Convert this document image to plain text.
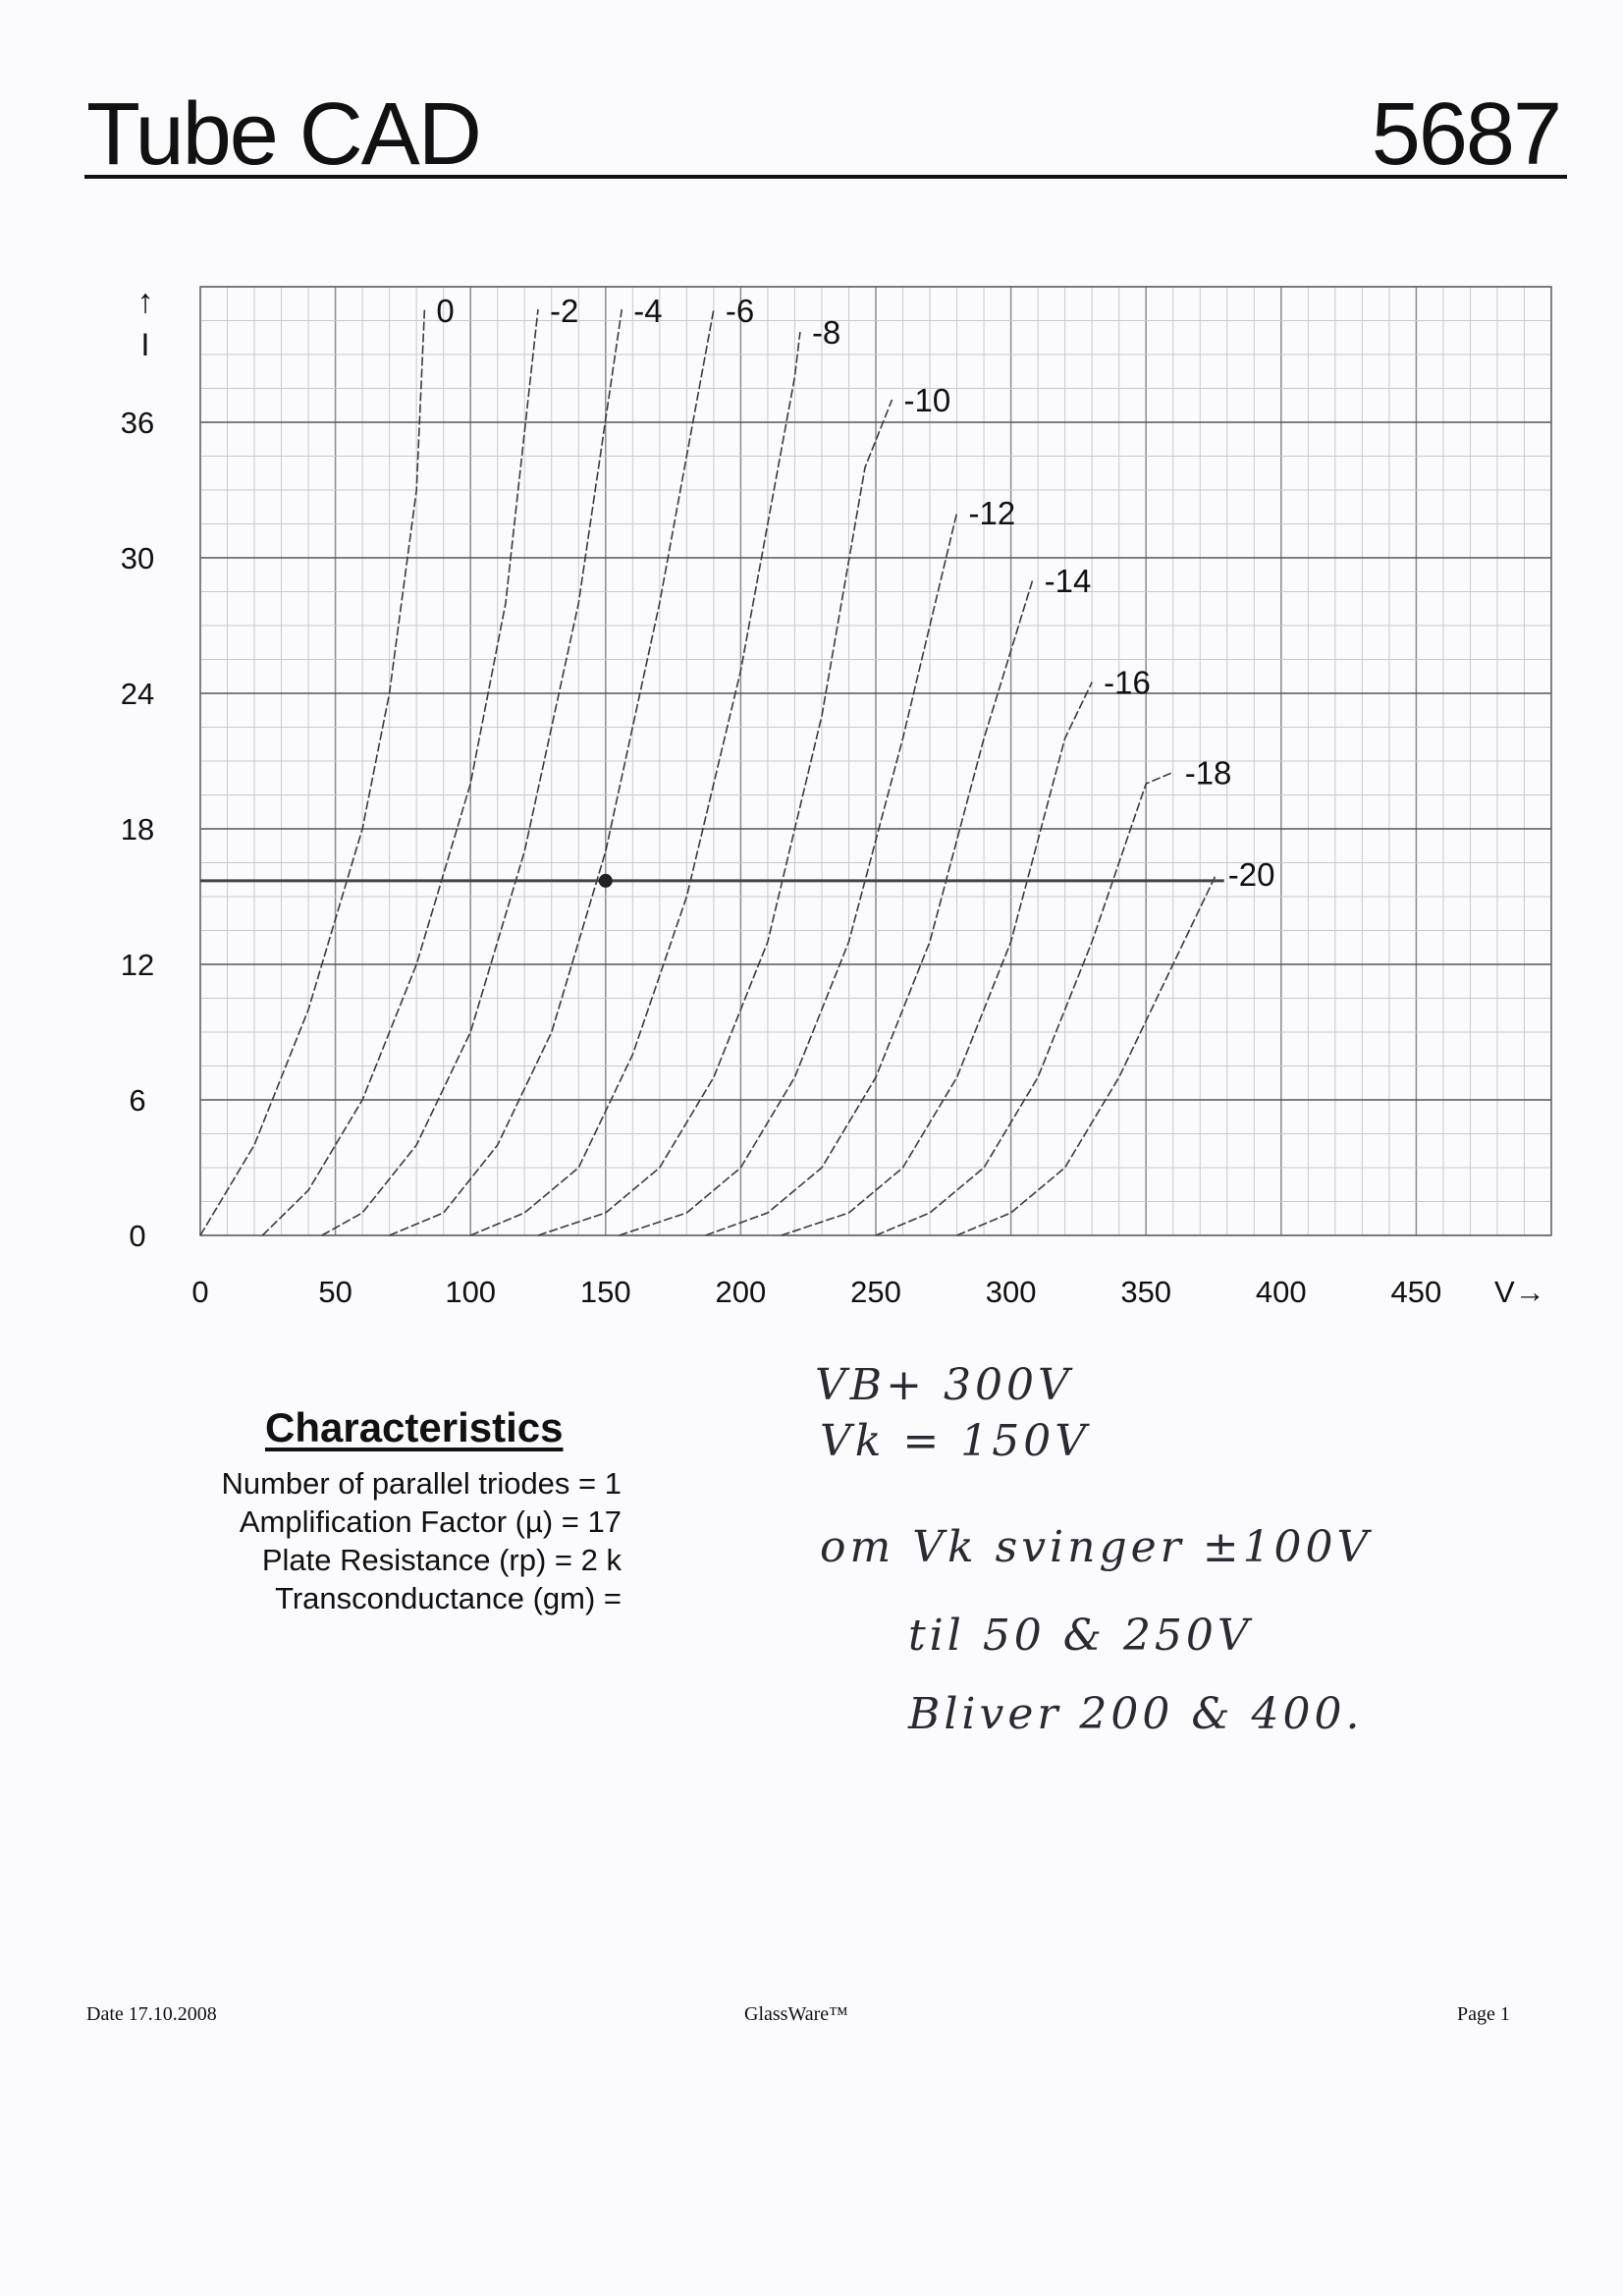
Tube CAD	5687
0	50	100	150	200	250	300	350	400	450
0
6
12
18
24
30
36
↑
I
V→
0	-2 -4 -6
-8
-10
-12
-14
-16
-18
-20
Characteristics
Number of parallel triodes = 1
Amplification Factor (µ) = 17
Plate Resistance (rp) = 2 k
Transconductance (gm) =
VB+ 300V
Vk = 150V
om Vk svinger ±100V
til 50 & 250V
Bliver 200 & 400.
Date 17.10.2008	GlassWare™	Page 1
